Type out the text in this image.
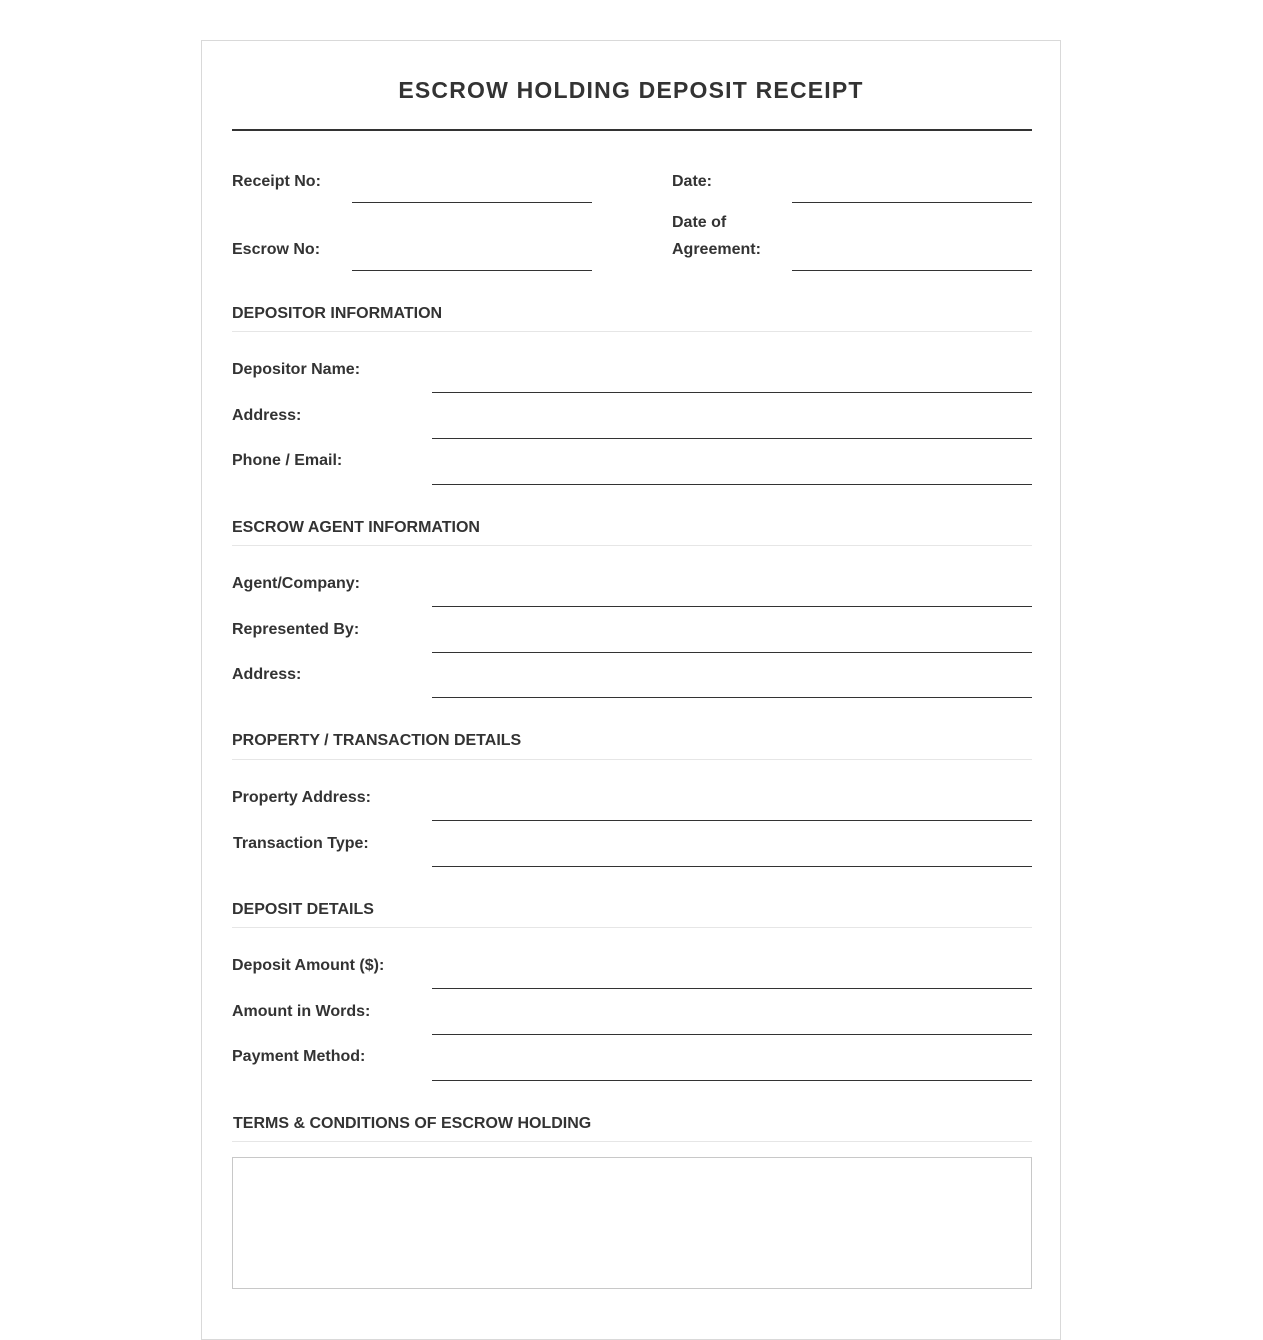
ESCROW HOLDING DEPOSIT RECEIPT
Receipt No:	Date:
Escrow No:
Date of
Agreement:
DEPOSITOR INFORMATION
Depositor Name:
Address:
Phone / Email:
ESCROW AGENT INFORMATION
Agent/Company:
Represented By:
Address:
PROPERTY / TRANSACTION DETAILS
Property Address:
Transaction Type:
DEPOSIT DETAILS
Deposit Amount ($):
Amount in Words:
Payment Method:
TERMS & CONDITIONS OF ESCROW HOLDING
